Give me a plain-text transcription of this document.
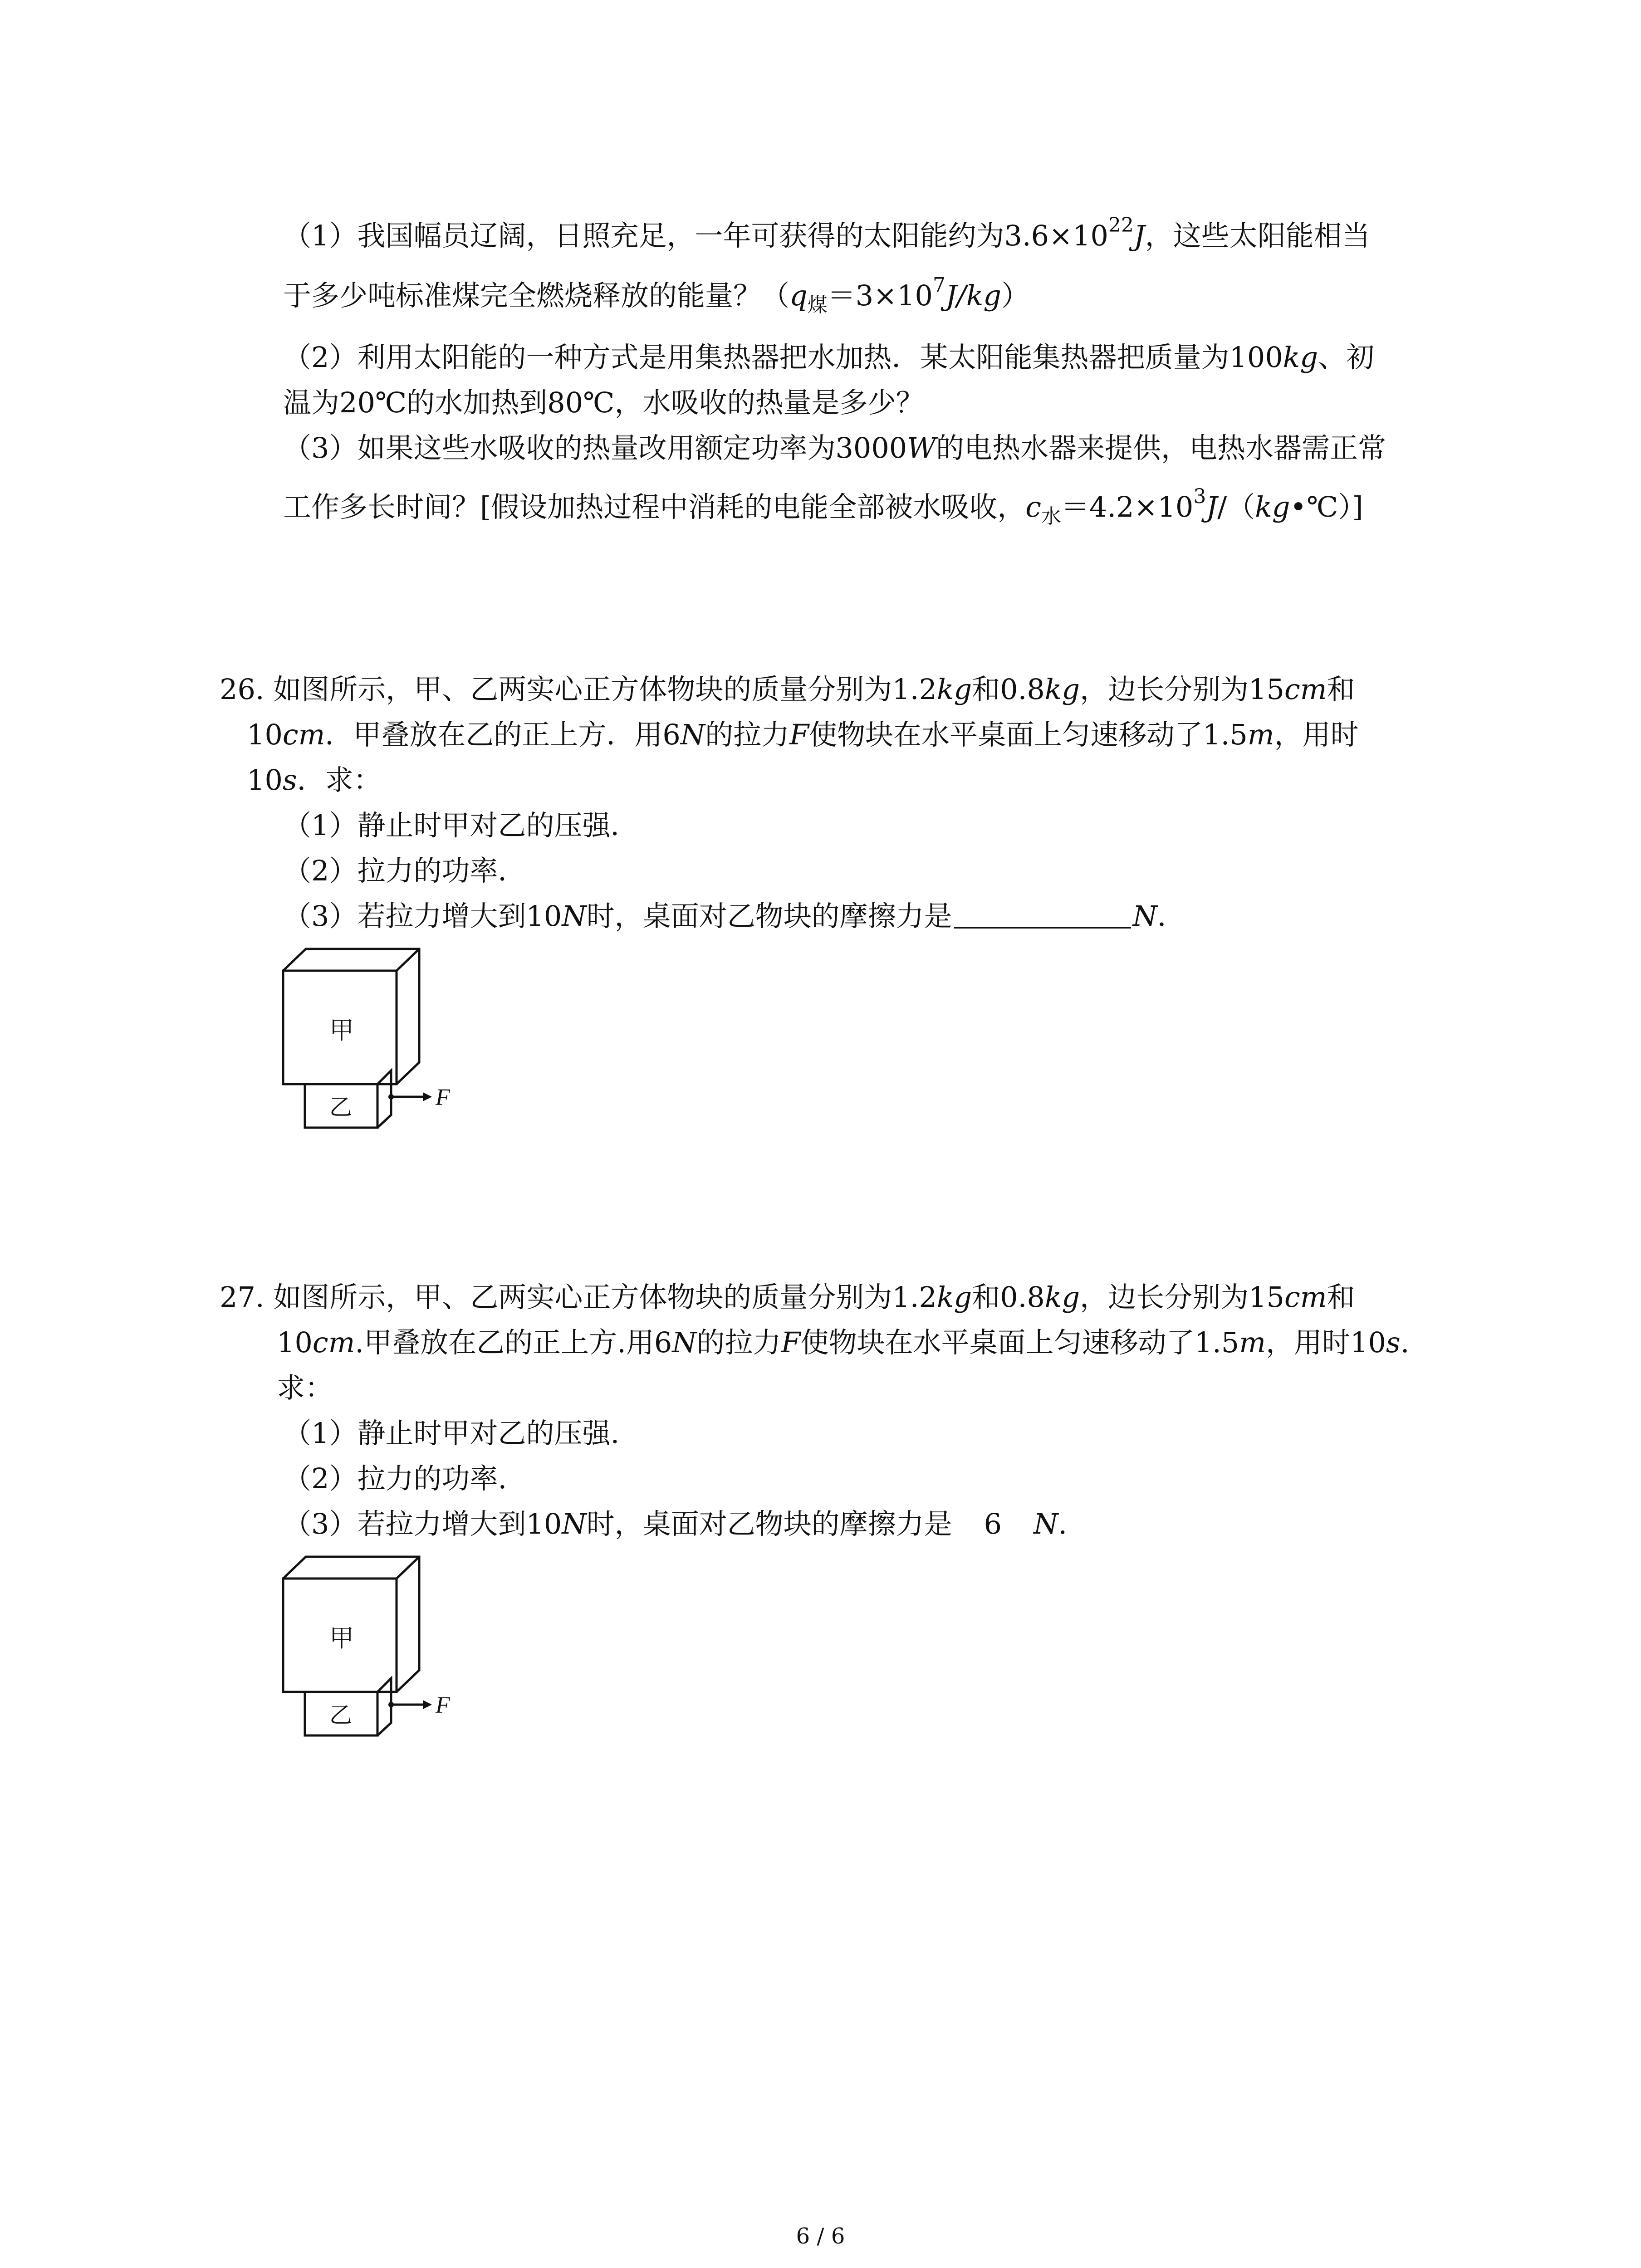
（1）我国幅员辽阔，日照充足，一年可获得的太阳能约为$3.6\times 10^{22}J$，这些太阳能相当
于多少吨标准煤完全燃烧释放的能量？$(q_煤=3\times 10^7J/kg)$
（2）利用太阳能的一种方式是用集热器把水加热．某太阳能集热器把质量为100kg、初
温为20℃的水加热到80℃，水吸收的热量是多少？
（3）如果这些水吸收的热量改用额定功率为3000W的电热水器来提供，电热水器需正常
工作多长时间？[假设加热过程中消耗的电能全部被水吸收，$c_水=4.2\times 10^3J/(kg•℃)$]
26. 如图所示，甲、乙两实心正方体物块的质量分别为1.2kg和0.8kg，边长分别为15cm和
10cm．甲叠放在乙的正上方．用6N的拉力F使物块在水平桌面上匀速移动了1.5m，用时
10s．求：
（1）静止时甲对乙的压强．
（2）拉力的功率．
（3）若拉力增大到10N时，桌面对乙物块的摩擦力是	N．
甲
乙	F
27. 如图所示，甲、乙两实心正方体物块的质量分别为1.2kg和0.8kg，边长分别为15cm和
10cm.甲叠放在乙的正上方.用6N的拉力F使物块在水平桌面上匀速移动了1.5m，用时10s.
求：
（1）静止时甲对乙的压强.
（2）拉力的功率.
（3）若拉力增大到10N时，桌面对乙物块的摩擦力是 6 N.
甲
乙	F
6 / 6
